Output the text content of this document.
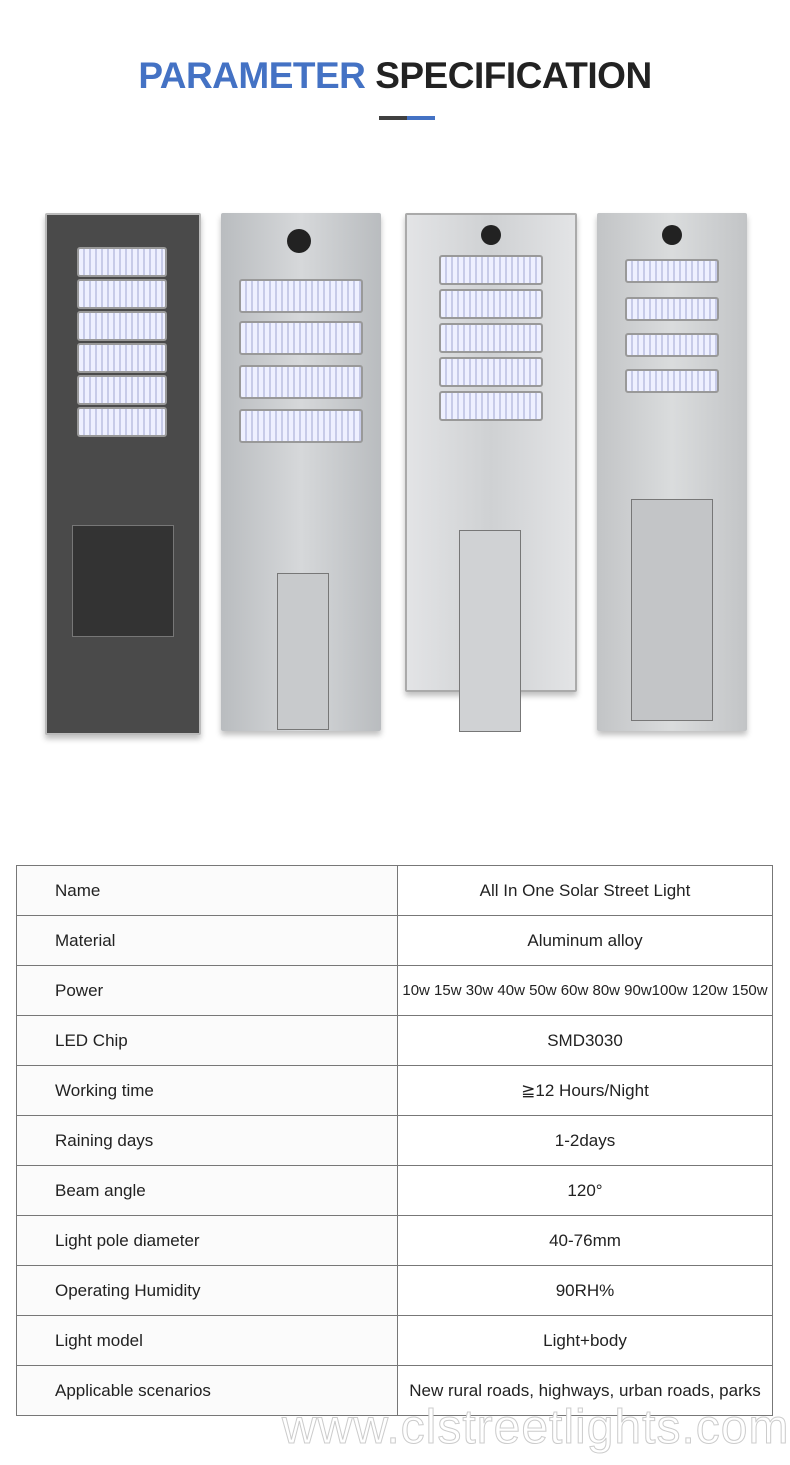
PARAMETER SPECIFICATION
Name	All In One Solar Street Light
Material	Aluminum alloy
Power	10w 15w 30w 40w 50w 60w 80w 90w100w 120w 150w
LED Chip	SMD3030
Working time	≧12 Hours/Night
Raining days	1-2days
Beam angle	120°
Light pole diameter	40-76mm
Operating Humidity	90RH%
Light model	Light+body
Applicable scenarios	New rural roads, highways, urban roads, parks
www.clstreetlights.com
